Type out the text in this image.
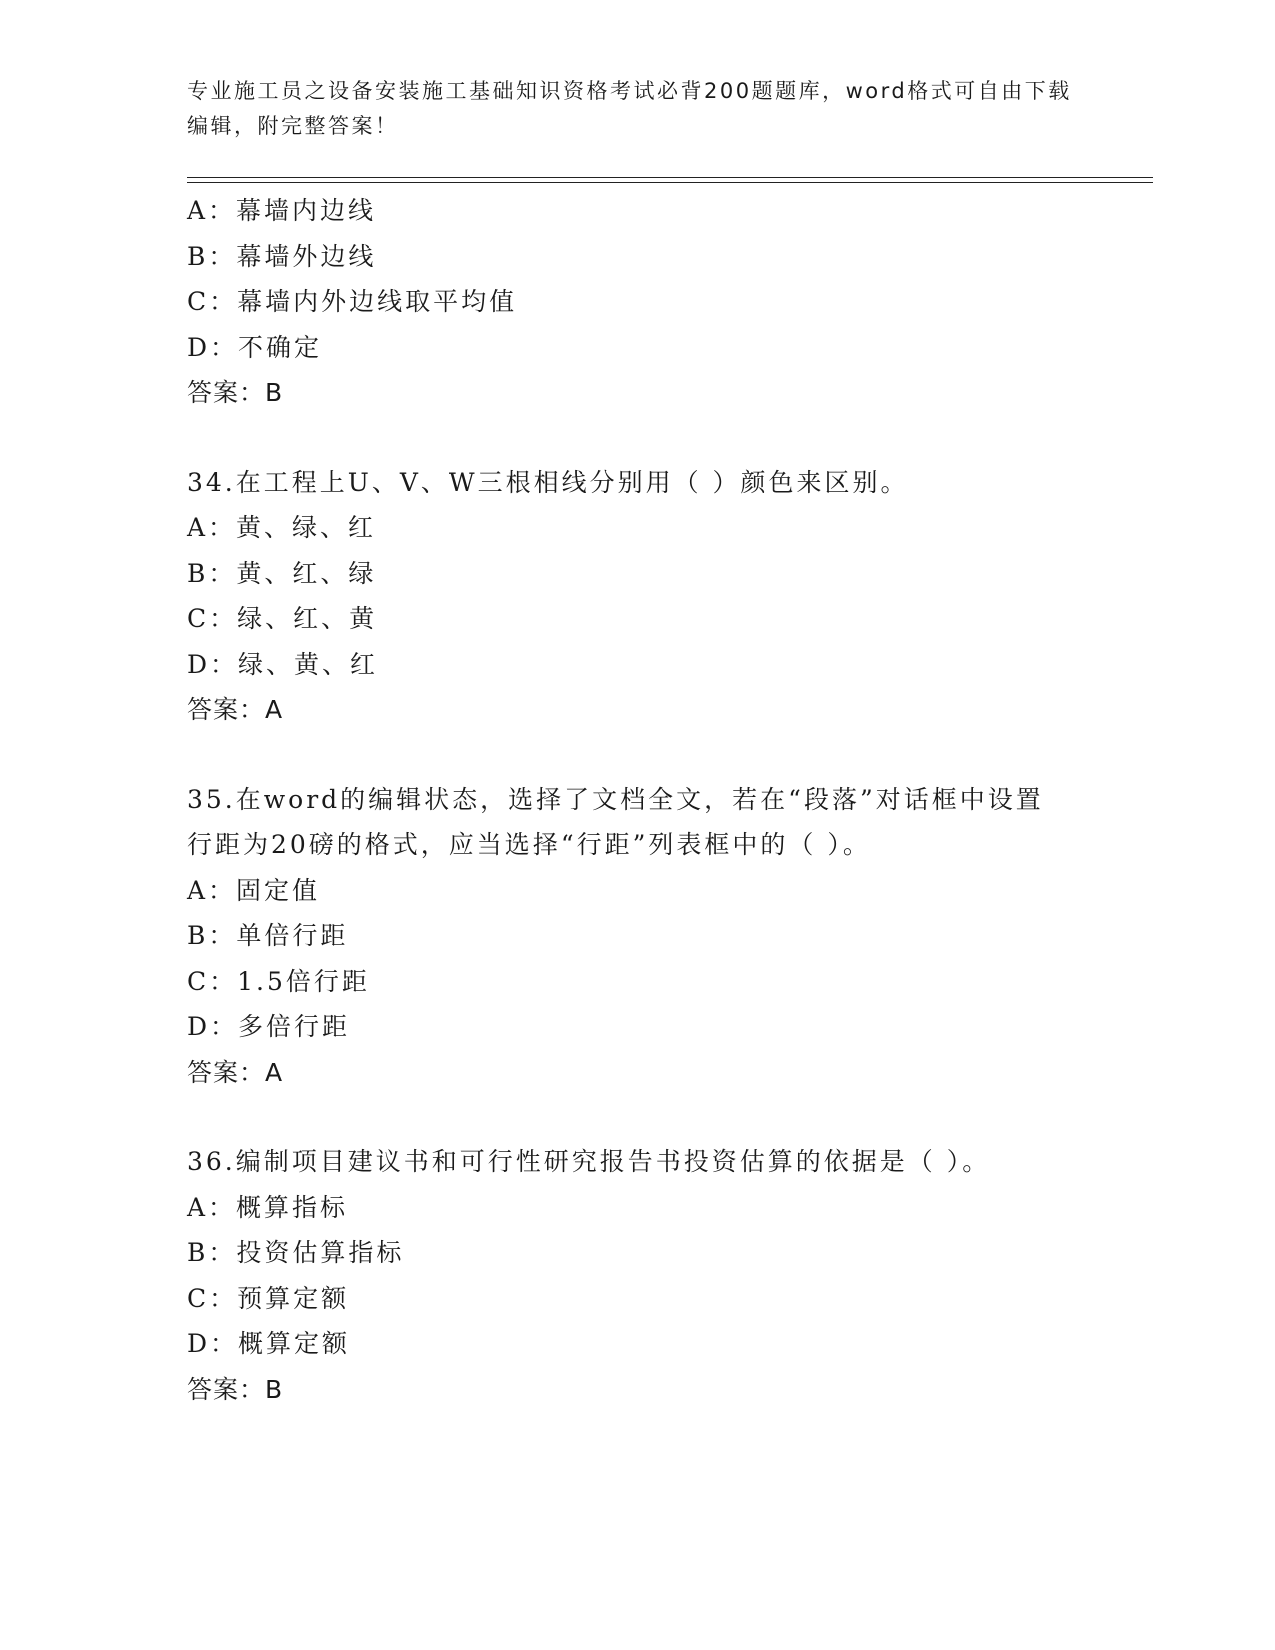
专业施工员之设备安装施工基础知识资格考试必背200题题库，word格式可自由下载编辑，附完整答案！
A：幕墙内边线
B：幕墙外边线
C：幕墙内外边线取平均值
D：不确定
答案：B
34.在工程上U、V、W三根相线分别用（ ）颜色来区别。
A：黄、绿、红
B：黄、红、绿
C：绿、红、黄
D：绿、黄、红
答案：A
35.在word的编辑状态，选择了文档全文，若在“段落”对话框中设置行距为20磅的格式，应当选择“行距”列表框中的（ ）。
A：固定值
B：单倍行距
C：1.5倍行距
D：多倍行距
答案：A
36.编制项目建议书和可行性研究报告书投资估算的依据是（ ）。
A：概算指标
B：投资估算指标
C：预算定额
D：概算定额
答案：B
